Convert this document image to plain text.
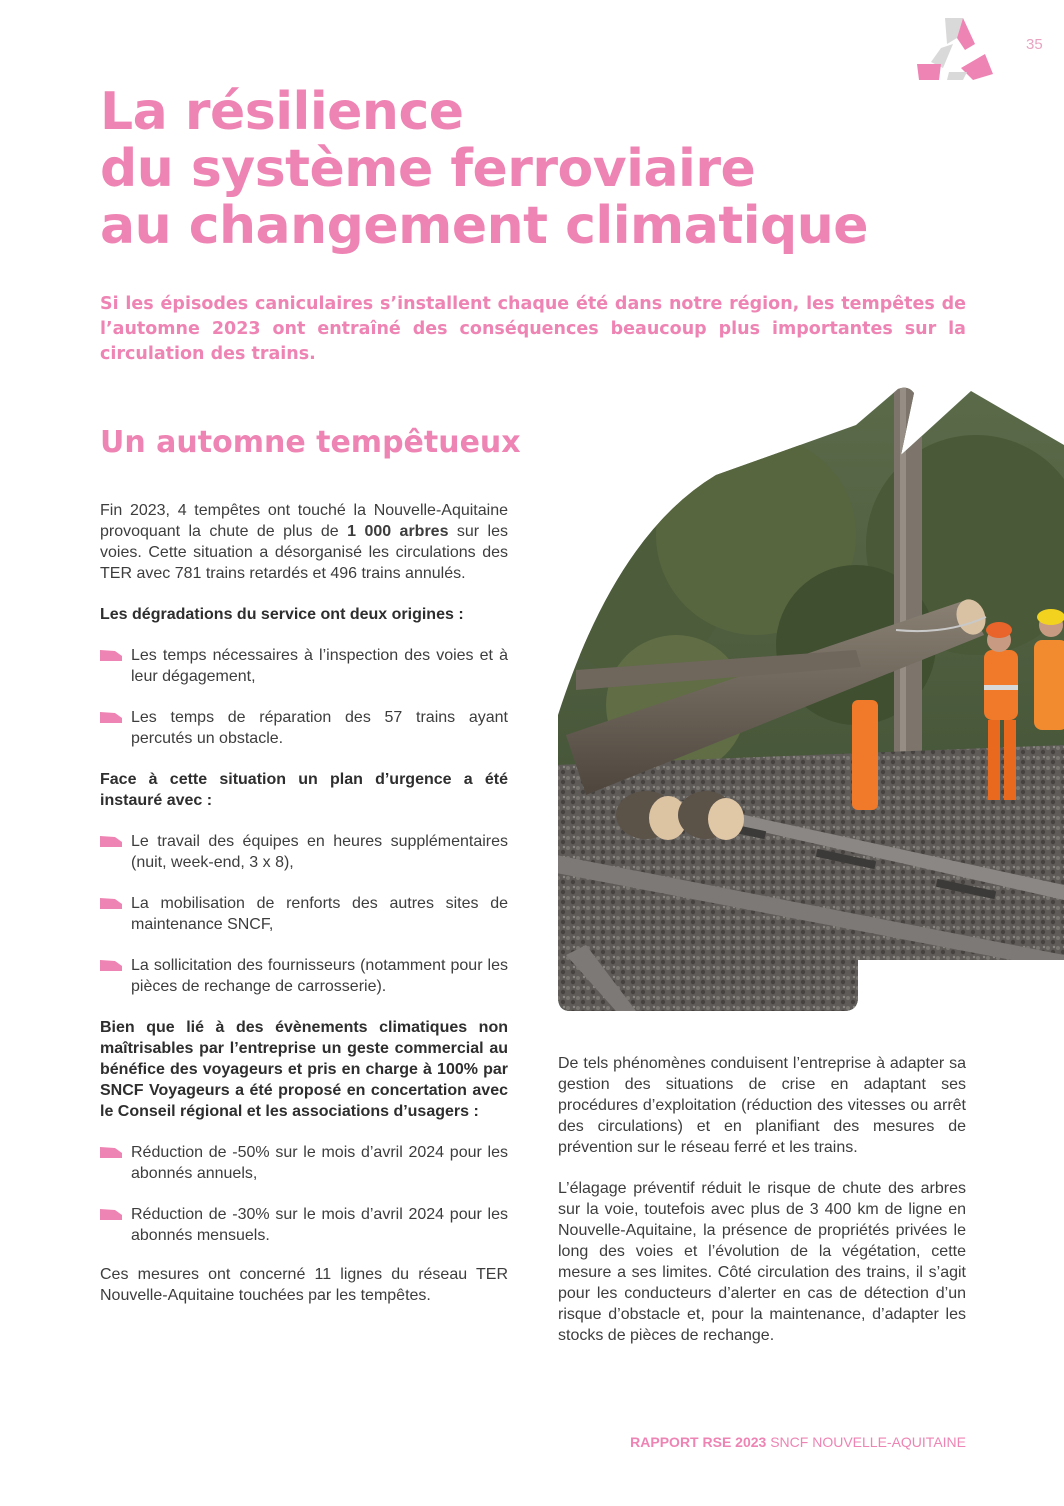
35
La résilience
du système ferroviaire
au changement climatique

Si les épisodes caniculaires s’installent chaque été dans notre région, les tempêtes de l’automne 2023 ont entraîné des conséquences beaucoup plus importantes sur la circulation des trains.

Un automne tempêtueux

Fin 2023, 4 tempêtes ont touché la Nouvelle-Aquitaine provoquant la chute de plus de 1 000 arbres sur les voies. Cette situation a désorganisé les circulations des TER avec 781 trains retardés et 496 trains annulés.

Les dégradations du service ont deux origines :

Les temps nécessaires à l’inspection des voies et à leur dégagement,
Les temps de réparation des 57 trains ayant percutés un obstacle.

Face à cette situation un plan d’urgence a été instauré avec :

Le travail des équipes en heures supplémentaires (nuit, week-end, 3 x 8),
La mobilisation de renforts des autres sites de maintenance SNCF,
La sollicitation des fournisseurs (notamment pour les pièces de rechange de carrosserie).

Bien que lié à des évènements climatiques non maîtrisables par l’entreprise un geste commercial au bénéfice des voyageurs et pris en charge à 100% par SNCF Voyageurs a été proposé en concertation avec le Conseil régional et les associations d’usagers :

Réduction de -50% sur le mois d’avril 2024 pour les abonnés annuels,
Réduction de -30% sur le mois d’avril 2024 pour les abonnés mensuels.

Ces mesures ont concerné 11 lignes du réseau TER Nouvelle-Aquitaine touchées par les tempêtes.

De tels phénomènes conduisent l’entreprise à adapter sa gestion des situations de crise en adaptant ses procédures d’exploitation (réduction des vitesses ou arrêt des circulations) et en planifiant des mesures de prévention sur le réseau ferré et les trains.

L’élagage préventif réduit le risque de chute des arbres sur la voie, toutefois avec plus de 3 400 km de ligne en Nouvelle-Aquitaine, la présence de propriétés privées le long des voies et l’évolution de la végétation, cette mesure a ses limites. Côté circulation des trains, il s’agit pour les conducteurs d’alerter en cas de détection d’un risque d’obstacle et, pour la maintenance, d’adapter les stocks de pièces de rechange.

RAPPORT RSE 2023 SNCF NOUVELLE-AQUITAINE
